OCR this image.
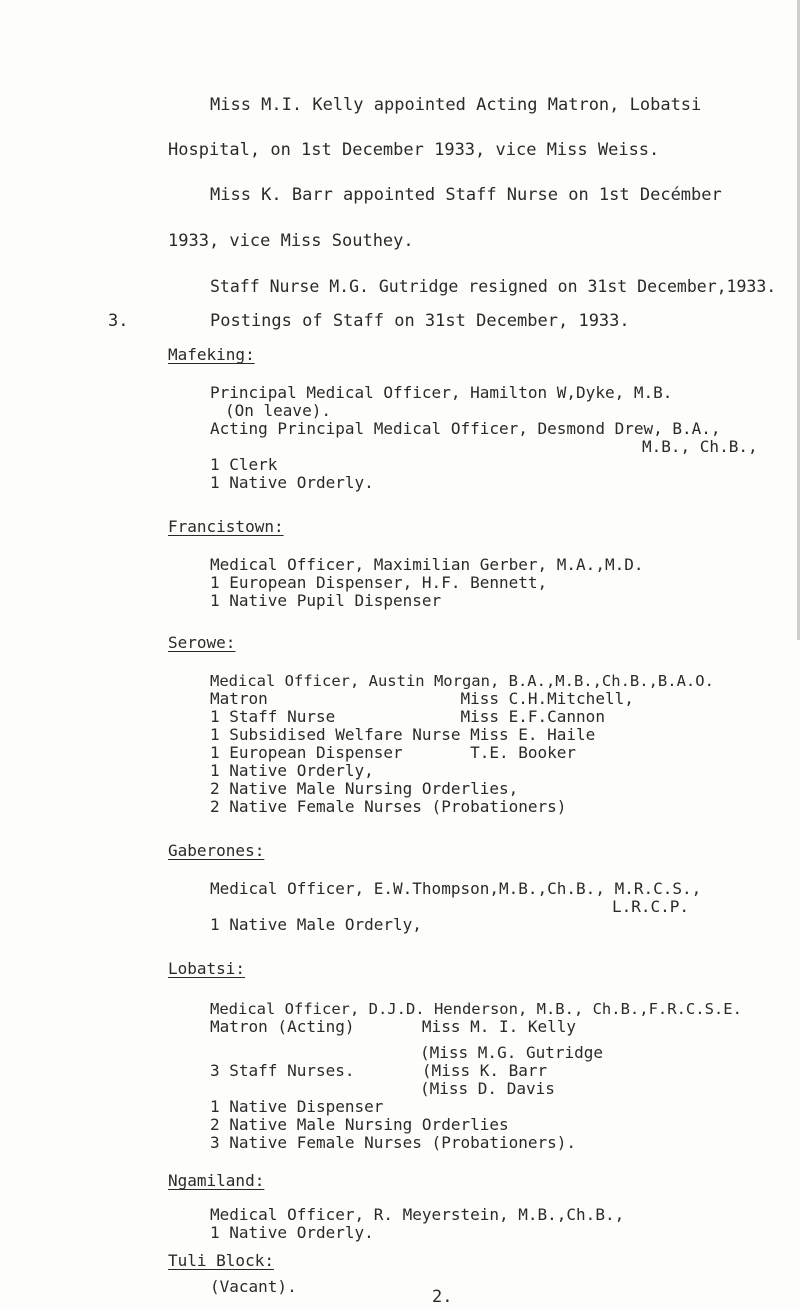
Miss M.I. Kelly appointed Acting Matron, Lobatsi
Hospital, on 1st December 1933, vice Miss Weiss.
Miss K. Barr appointed Staff Nurse on 1st Decémber
1933, vice Miss Southey.
Staff Nurse M.G. Gutridge resigned on 31st December,1933.
3.	Postings of Staff on 31st December, 1933.
Mafeking:
Principal Medical Officer, Hamilton W,Dyke, M.B.
(On leave).
Acting Principal Medical Officer, Desmond Drew, B.A.,
M.B., Ch.B.,
1 Clerk
1 Native Orderly.
Francistown:
Medical Officer, Maximilian Gerber, M.A.,M.D.
1 European Dispenser, H.F. Bennett,
1 Native Pupil Dispenser
Serowe:
Medical Officer, Austin Morgan, B.A.,M.B.,Ch.B.,B.A.O.
Matron                    Miss C.H.Mitchell,
1 Staff Nurse             Miss E.F.Cannon
1 Subsidised Welfare Nurse Miss E. Haile
1 European Dispenser       T.E. Booker
1 Native Orderly,
2 Native Male Nursing Orderlies,
2 Native Female Nurses (Probationers)
Gaberones:
Medical Officer, E.W.Thompson,M.B.,Ch.B., M.R.C.S.,
L.R.C.P.
1 Native Male Orderly,
Lobatsi:
Medical Officer, D.J.D. Henderson, M.B., Ch.B.,F.R.C.S.E.
Matron (Acting)       Miss M. I. Kelly
(Miss M.G. Gutridge
3 Staff Nurses.       (Miss K. Barr
(Miss D. Davis
1 Native Dispenser
2 Native Male Nursing Orderlies
3 Native Female Nurses (Probationers).
Ngamiland:
Medical Officer, R. Meyerstein, M.B.,Ch.B.,
1 Native Orderly.
Tuli Block:
(Vacant).
2.
